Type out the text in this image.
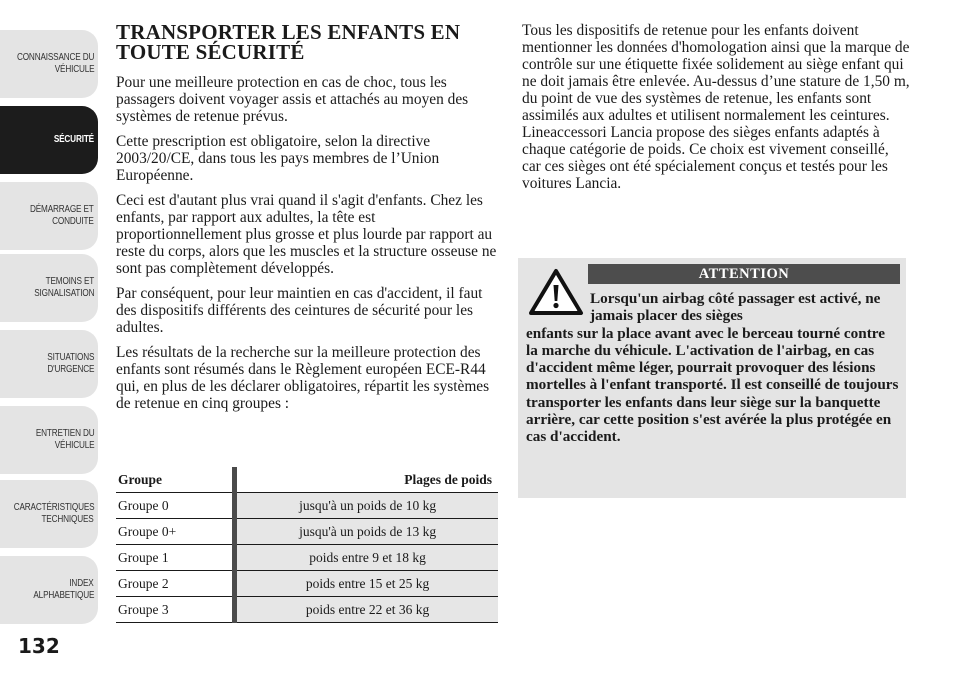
CONNAISSANCE DU
VÉHICULE
SÉCURITÉ
DÉMARRAGE ET
CONDUITE
TEMOINS ET
SIGNALISATION
SITUATIONS
D'URGENCE
ENTRETIEN DU
VÉHICULE
CARACTÉRISTIQUES
TECHNIQUES
INDEX
ALPHABETIQUE
132
TRANSPORTER LES ENFANTS EN TOUTE SÉCURITÉ

Pour une meilleure protection en cas de choc, tous les passagers doivent voyager assis et attachés au moyen des systèmes de retenue prévus.

Cette prescription est obligatoire, selon la directive 2003/20/CE, dans tous les pays membres de l’Union Européenne.

Ceci est d'autant plus vrai quand il s'agit d'enfants. Chez les enfants, par rapport aux adultes, la tête est proportionnellement plus grosse et plus lourde par rapport au reste du corps, alors que les muscles et la structure osseuse ne sont pas complètement développés.

Par conséquent, pour leur maintien en cas d'accident, il faut des dispositifs différents des ceintures de sécurité pour les adultes.

Les résultats de la recherche sur la meilleure protection des enfants sont résumés dans le Règlement européen ECE-R44 qui, en plus de les déclarer obligatoires, répartit les systèmes de retenue en cinq groupes :

Groupe	Plages de poids
Groupe 0	jusqu'à un poids de 10 kg
Groupe 0+	jusqu'à un poids de 13 kg
Groupe 1	poids entre 9 et 18 kg
Groupe 2	poids entre 15 et 25 kg
Groupe 3	poids entre 22 et 36 kg

Tous les dispositifs de retenue pour les enfants doivent mentionner les données d'homologation ainsi que la marque de contrôle sur une étiquette fixée solidement au siège enfant qui ne doit jamais être enlevée. Au-dessus d’une stature de 1,50 m, du point de vue des systèmes de retenue, les enfants sont assimilés aux adultes et utilisent normalement les ceintures. Lineaccessori Lancia propose des sièges enfants adaptés à chaque catégorie de poids. Ce choix est vivement conseillé, car ces sièges ont été spécialement conçus et testés pour les voitures Lancia.

ATTENTION
Lorsqu'un airbag côté passager est activé, ne jamais placer des sièges
enfants sur la place avant avec le berceau tourné contre la marche du véhicule. L'activation de l'airbag, en cas d'accident même léger, pourrait provoquer des lésions mortelles à l'enfant transporté. Il est conseillé de toujours transporter les enfants dans leur siège sur la banquette arrière, car cette position s'est avérée la plus protégée en cas d'accident.
